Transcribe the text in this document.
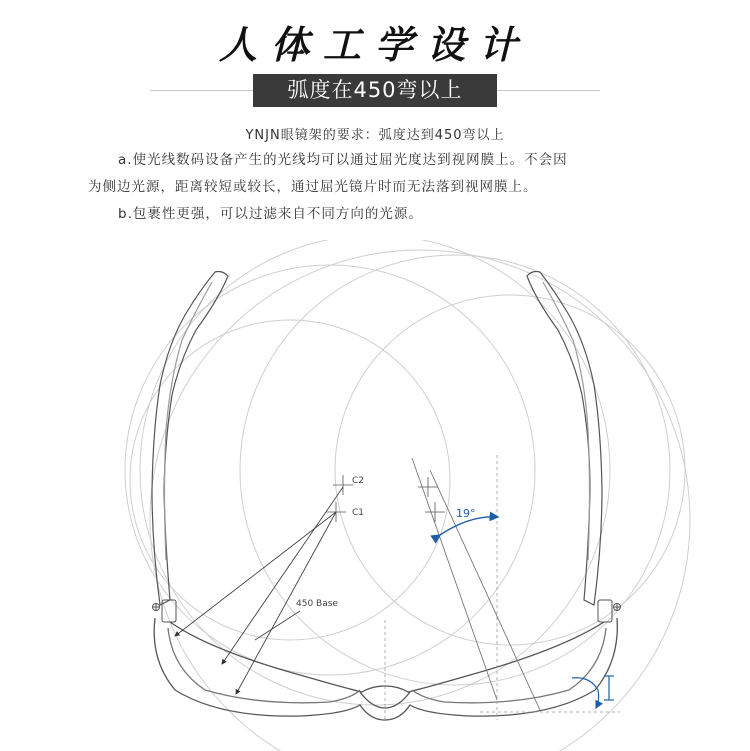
人体工学设计
弧度在450弯以上
YNJN眼镜架的要求：弧度达到450弯以上
a.使光线数码设备产生的光线均可以通过屈光度达到视网膜上。不会因
为侧边光源，距离较短或较长，通过屈光镜片时而无法落到视网膜上。
b.包裹性更强，可以过滤来自不同方向的光源。
C2
C1
450 Base
19°
